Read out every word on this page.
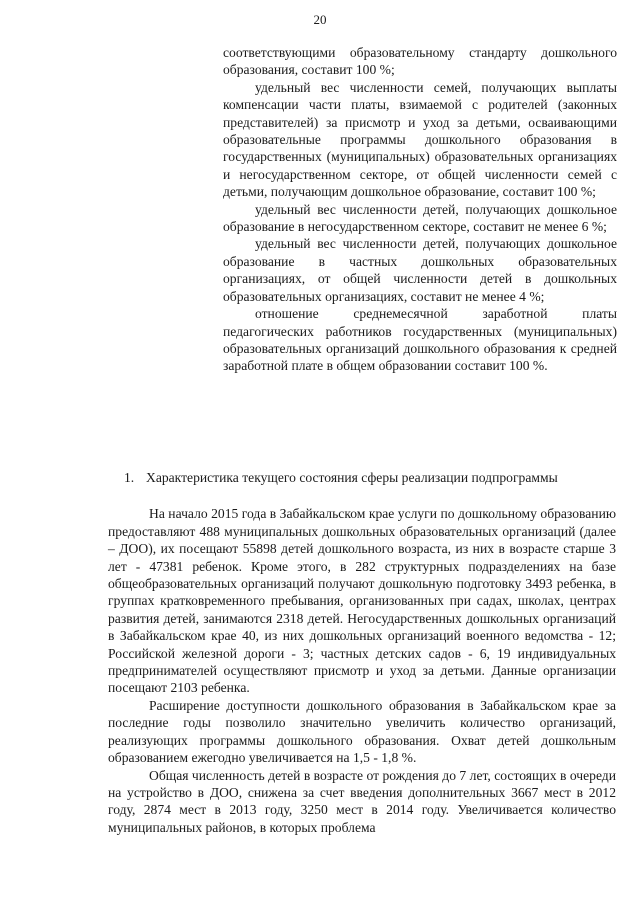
20

соответствующими образовательному стандарту дошкольного образования, составит 100 %;

удельный вес численности семей, получающих выплаты компенсации части платы, взимаемой с родителей (законных представителей) за присмотр и уход за детьми, осваивающими образовательные программы дошкольного образования в государственных (муниципальных) образовательных организациях и негосударственном секторе, от общей численности семей с детьми, получающим дошкольное образование, составит 100 %;

удельный вес численности детей, получающих дошкольное образование в негосударственном секторе, составит не менее 6 %;

удельный вес численности детей, получающих дошкольное образование в частных дошкольных образовательных организациях, от общей численности детей в дошкольных образовательных организациях, составит не менее 4 %;

отношение среднемесячной заработной платы педагогических работников государственных (муниципальных) образовательных организаций дошкольного образования к средней заработной плате в общем образовании составит 100 %.

1. Характеристика текущего состояния сферы реализации подпрограммы

На начало 2015 года в Забайкальском крае услуги по дошкольному образованию предоставляют 488 муниципальных дошкольных образовательных организаций (далее – ДОО), их посещают 55898 детей дошкольного возраста, из них в возрасте старше 3 лет - 47381 ребенок. Кроме этого, в 282 структурных подразделениях на базе общеобразовательных организаций получают дошкольную подготовку 3493 ребенка, в группах кратковременного пребывания, организованных при садах, школах, центрах развития детей, занимаются 2318 детей. Негосударственных дошкольных организаций в Забайкальском крае 40, из них дошкольных организаций военного ведомства - 12; Российской железной дороги - 3; частных детских садов - 6, 19 индивидуальных предпринимателей осуществляют присмотр и уход за детьми. Данные организации посещают 2103 ребенка.

Расширение доступности дошкольного образования в Забайкальском крае за последние годы позволило значительно увеличить количество организаций, реализующих программы дошкольного образования. Охват детей дошкольным образованием ежегодно увеличивается на 1,5 - 1,8 %.

Общая численность детей в возрасте от рождения до 7 лет, состоящих в очереди на устройство в ДОО, снижена за счет введения дополнительных 3667 мест в 2012 году, 2874 мест в 2013 году, 3250 мест в 2014 году. Увеличивается количество муниципальных районов, в которых проблема
